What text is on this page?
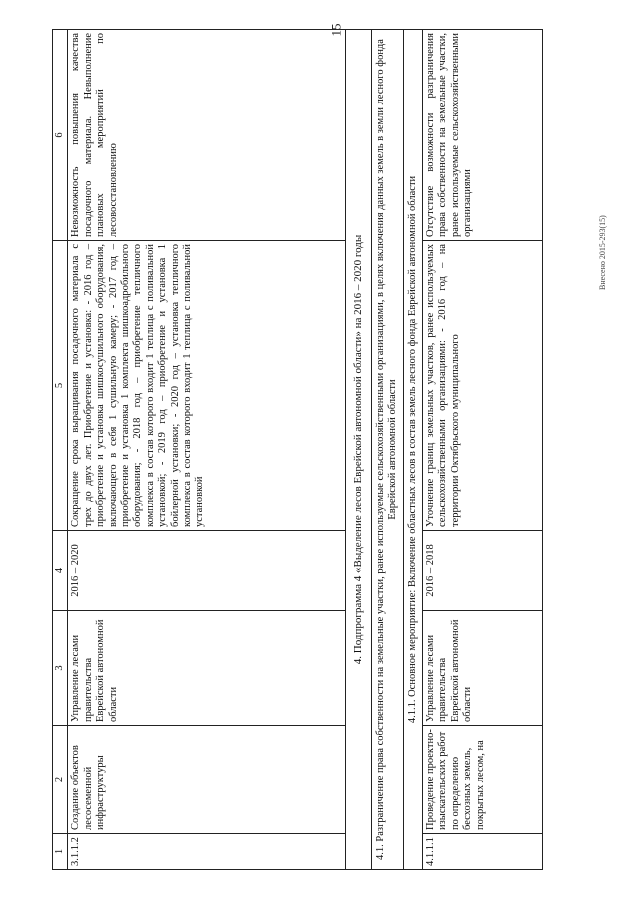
15
Внесено 2015-293(15)
1	2	3	4	5	6
3.1.1.2	Создание объектов лесосеменной инфраструктуры	Управление лесами правительства Еврейской автономной области	2016 – 2020	Сокращение срока выращивания посадочного материала с трех до двух лет. Приобретение и установка: - 2016 год – приобретение и установка шишкосушильного оборудования, включающего в себя 1 сушильную камеру; - 2017 год – приобретение и установка 1 комплекта шишкоадробильного оборудования; - 2018 год – приобретение тепличного комплекса в состав которого входит 1 теплица с поливальной установкой; - 2019 год – приобретение и установка 1 бойлерной установки; - 2020 год – установка тепличного комплекса в состав которого входит 1 теплица с поливальной установкой	Невозможность повышения качества посадочного материала. Невыполнение плановых мероприятий по лесовосстановлению
4. Подпрограмма 4 «Выделение лесов Еврейской автономной области» на 2016 – 2020 годы					
4.1. Разграничение права собственности на земельные участки, ранее используемые сельскохозяйственными организациями, в целях включения данных земель в земли лесного фонда Еврейской автономной области					
4.1.1. Основное мероприятие: Включение областных лесов в состав земель лесного фонда Еврейской автономной области					
4.1.1.1	Проведение проектно-изыскательских работ по определению бесхозных земель, покрытых лесом, на	Управление лесами правительства Еврейской автономной области	2016 – 2018	Уточнение границ земельных участков, ранее используемых сельскохозяйственными организациями: - 2016 год – на территории Октябрьского муниципального	Отсутствие возможности разграничения права собственности на земельные участки, ранее используемые сельскохозяйственными организациями
